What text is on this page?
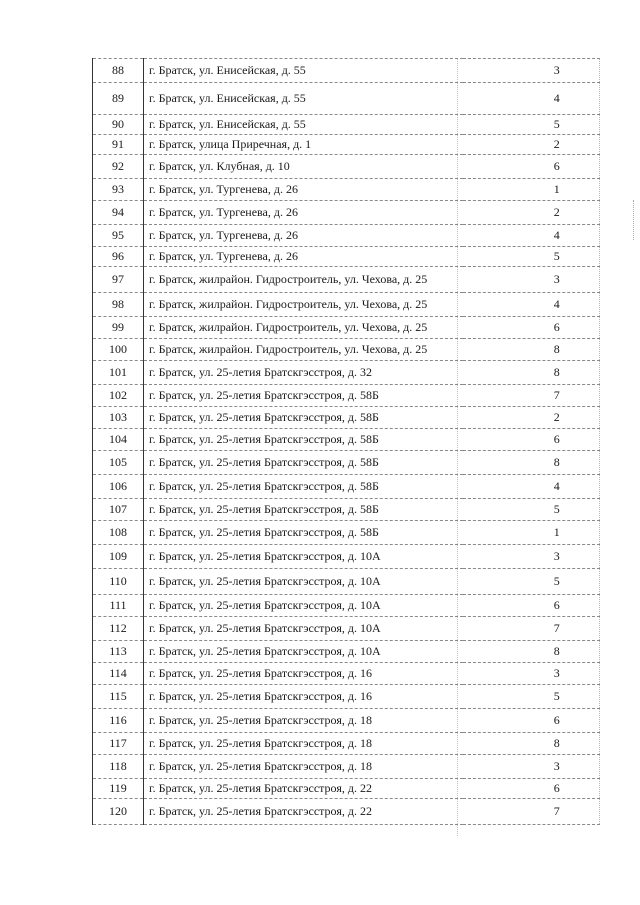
88	г. Братск, ул. Енисейская, д. 55	3
89	г. Братск, ул. Енисейская, д. 55	4
90	г. Братск, ул. Енисейская, д. 55	5
91	г. Братск, улица Приречная, д. 1	2
92	г. Братск, ул. Клубная, д. 10	6
93	г. Братск, ул. Тургенева, д. 26	1
94	г. Братск, ул. Тургенева, д. 26	2
95	г. Братск, ул. Тургенева, д. 26	4
96	г. Братск, ул. Тургенева, д. 26	5
97	г. Братск, жилрайон. Гидростроитель, ул. Чехова, д. 25	3
98	г. Братск, жилрайон. Гидростроитель, ул. Чехова, д. 25	4
99	г. Братск, жилрайон. Гидростроитель, ул. Чехова, д. 25	6
100	г. Братск, жилрайон. Гидростроитель, ул. Чехова, д. 25	8
101	г. Братск, ул. 25-летия Братскгэсстроя, д. 32	8
102	г. Братск, ул. 25-летия Братскгэсстроя, д. 58Б	7
103	г. Братск, ул. 25-летия Братскгэсстроя, д. 58Б	2
104	г. Братск, ул. 25-летия Братскгэсстроя, д. 58Б	6
105	г. Братск, ул. 25-летия Братскгэсстроя, д. 58Б	8
106	г. Братск, ул. 25-летия Братскгэсстроя, д. 58Б	4
107	г. Братск, ул. 25-летия Братскгэсстроя, д. 58Б	5
108	г. Братск, ул. 25-летия Братскгэсстроя, д. 58Б	1
109	г. Братск, ул. 25-летия Братскгэсстроя, д. 10А	3
110	г. Братск, ул. 25-летия Братскгэсстроя, д. 10А	5
111	г. Братск, ул. 25-летия Братскгэсстроя, д. 10А	6
112	г. Братск, ул. 25-летия Братскгэсстроя, д. 10А	7
113	г. Братск, ул. 25-летия Братскгэсстроя, д. 10А	8
114	г. Братск, ул. 25-летия Братскгэсстроя, д. 16	3
115	г. Братск, ул. 25-летия Братскгэсстроя, д. 16	5
116	г. Братск, ул. 25-летия Братскгэсстроя, д. 18	6
117	г. Братск, ул. 25-летия Братскгэсстроя, д. 18	8
118	г. Братск, ул. 25-летия Братскгэсстроя, д. 18	3
119	г. Братск, ул. 25-летия Братскгэсстроя, д. 22	6
120	г. Братск, ул. 25-летия Братскгэсстроя, д. 22	7
